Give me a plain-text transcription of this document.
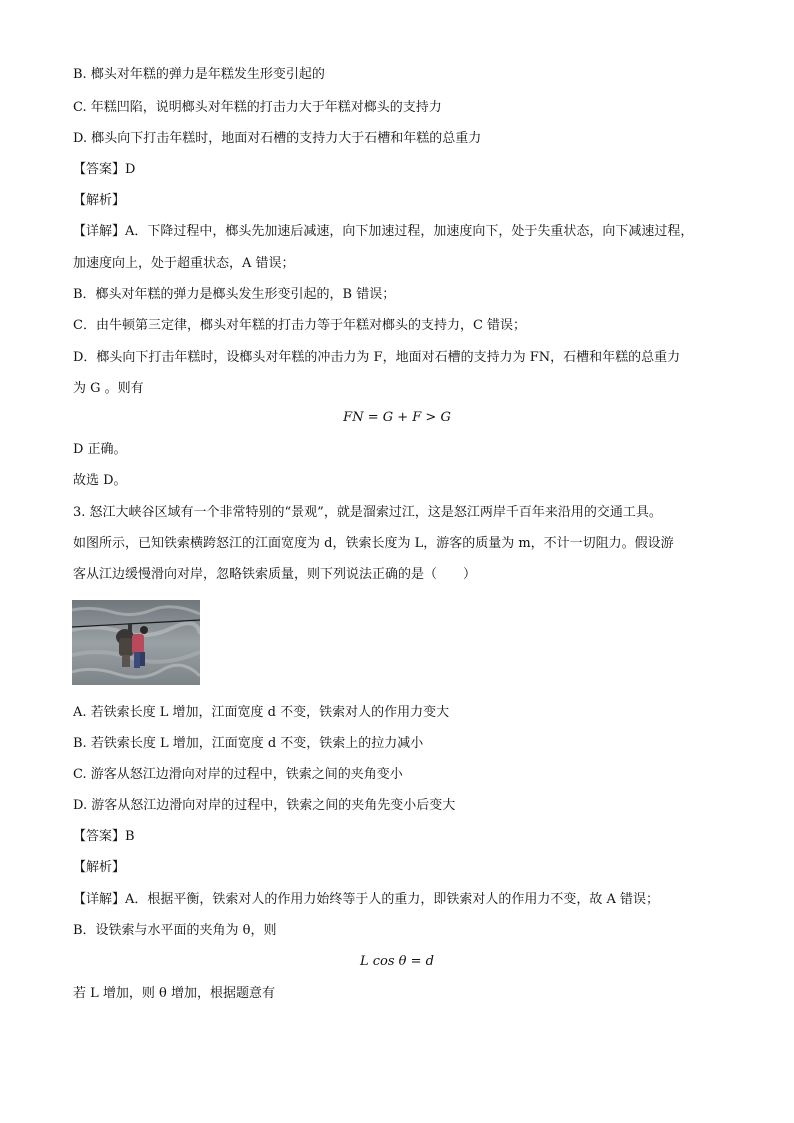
B. 榔头对年糕的弹力是年糕发生形变引起的
C. 年糕凹陷，说明榔头对年糕的打击力大于年糕对榔头的支持力
D. 榔头向下打击年糕时，地面对石槽的支持力大于石槽和年糕的总重力
【答案】D
【解析】
【详解】A．下降过程中，榔头先加速后减速，向下加速过程，加速度向下，处于失重状态，向下减速过程，
加速度向上，处于超重状态，A 错误；
B．榔头对年糕的弹力是榔头发生形变引起的，B 错误；
C．由牛顿第三定律，榔头对年糕的打击力等于年糕对榔头的支持力，C 错误；
D．榔头向下打击年糕时，设榔头对年糕的冲击力为 F，地面对石槽的支持力为 FN，石槽和年糕的总重力
为 G 。则有
FN = G + F > G
D 正确。
故选 D。
3. 怒江大峡谷区域有一个非常特别的“景观”，就是溜索过江，这是怒江两岸千百年来沿用的交通工具。
如图所示，已知铁索横跨怒江的江面宽度为 d，铁索长度为 L，游客的质量为 m，不计一切阻力。假设游
客从江边缓慢滑向对岸，忽略铁索质量，则下列说法正确的是（　　）
A. 若铁索长度 L 增加，江面宽度 d 不变，铁索对人的作用力变大
B. 若铁索长度 L 增加，江面宽度 d 不变，铁索上的拉力减小
C. 游客从怒江边滑向对岸的过程中，铁索之间的夹角变小
D. 游客从怒江边滑向对岸的过程中，铁索之间的夹角先变小后变大
【答案】B
【解析】
【详解】A．根据平衡，铁索对人的作用力始终等于人的重力，即铁索对人的作用力不变，故 A 错误；
B．设铁索与水平面的夹角为 θ，则
L cos θ = d
若 L 增加，则 θ 增加，根据题意有
